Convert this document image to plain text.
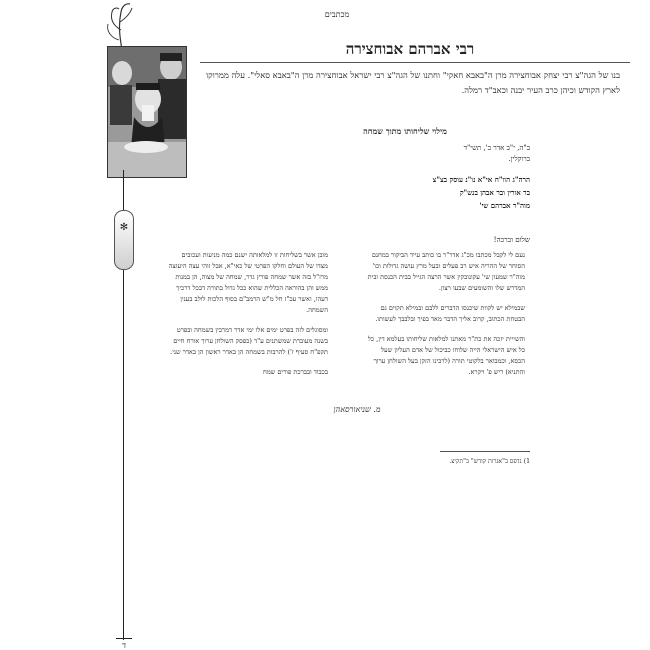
✻
ד
מכתבים
רבי אברהם אבוחצירה
בנו של הגה"צ רבי יצחק אבוחצירה מרן ה"באבא חאקי" וחתנו של הגה"צ רבי ישראל אבוחצירה מרן ה"באבא סאלי". עלה ממרוקו לארץ הקודש וכיהן כרב העיר יבנה וכאב"ד רמלה.
מילוי שליחותו מתוך שמחה
ב"ה, י"ב אדר ב', תשי"ד
ברוקלין.
הרה"ג הוו"ח אי"א נו"נ עוסק בצ"צ
בר אורין ובר אבהן בנש"ק
מוה"ר אברהם שי'
שלום וברכה!

נעם לי לקבל מכתבו מכ"ג אדר"ר בו כותב עייד הביקור במחנם הסוחר של ההריה איש רב פעלים ובעל מרץ עושה גדולות וכו' מוה"ר שמעון שי' עקונובקין אשר הרצה הגייל בבית הכנסת ובית המדרש שלו והשומעים שבעו רצון.

שבמילא יש לקוות שיכנסו הדברים ללבם ובמילא תקוים גם הבטחת הכתוב, קרוב אליך הדבר מאד בפיך ובלבבך לעשותו.

והשייית יזכה את כת"ר מאתנו למלאות שליחותו בעלמא דין, כל כל איש הישראלי הייה שלוחו כביכול של אדם העליון שעל הכסא, וכמבואר בלקוטי תורה (לרבינו הזקן בעל השולחן ערוך והתניא) ריש פ' ויקרא.

מובן אשר בשליחות זו למלאותה ישנם כמה מניעות ועכובים מצדו של העולם וחלקו הפרטי של כאי"א, אבל זוהי עצה היעוצה מרז"ל בזה אשר שמחה פורץ גדר, שמחה של מצוה, הן במנות ממש והן בהוראה הכללית שהוא ככל גדול בתורה דבכל דרכיך דעהו, ואשר עכ"ז חל מ"ש הרמב"ם בסוף הלכות לולב בענין השמחה.

ומסוגלים לזה בפרט ימים אלו ימי אדר דמרבין בשמחה ובפרט בשנה מעוברת שמשתנים ע"ד (כפסק השולחן ערוך אורח חיים תקפ"ח סעיף ז') להרבות בשמחה הן באדר ראשון הן באדר שני.

בכבוד ובברכת פורים שמח

מ. שניאורסאהן
1) נדפס ב"אגרות קודש" ב"תקיצ.
